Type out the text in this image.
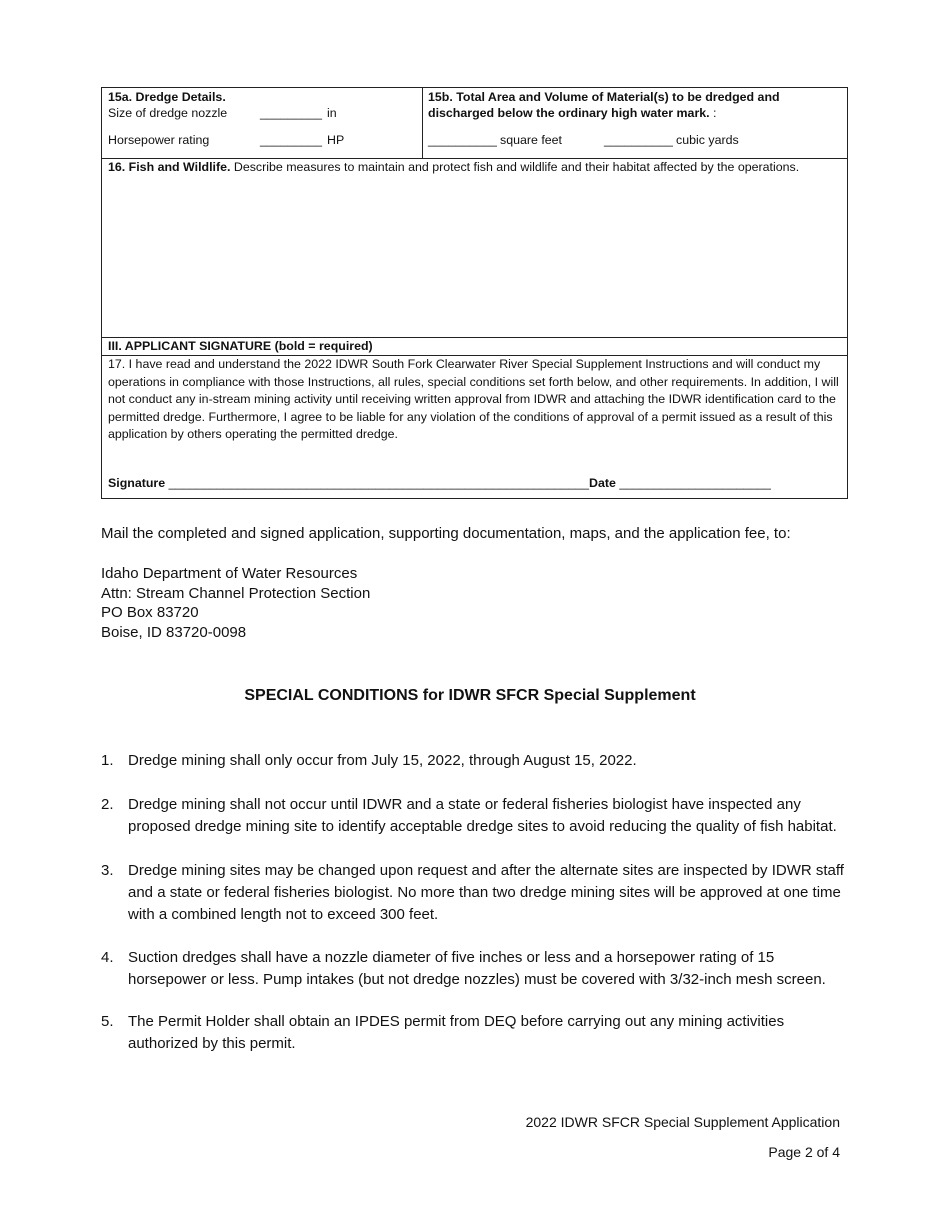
15a. Dredge Details.
Size of dredge nozzle	_________ in
Horsepower rating	_________ HP
15b. Total Area and Volume of Material(s) to be dredged and
discharged below the ordinary high water mark. :
__________ square feet	__________ cubic yards
16. Fish and Wildlife. Describe measures to maintain and protect fish and wildlife and their habitat affected by the operations.
III. APPLICANT SIGNATURE (bold = required)
17. I have read and understand the 2022 IDWR South Fork Clearwater River Special Supplement Instructions and will conduct my operations in compliance with those Instructions, all rules, special conditions set forth below, and other requirements. In addition, I will not conduct any in-stream mining activity until receiving written approval from IDWR and attaching the IDWR identification card to the permitted dredge. Furthermore, I agree to be liable for any violation of the conditions of approval of a permit issued as a result of this application by others operating the permitted dredge.
Signature _____________________________________________________________ Date ______________________
Mail the completed and signed application, supporting documentation, maps, and the application fee, to:
Idaho Department of Water Resources
Attn: Stream Channel Protection Section
PO Box 83720
Boise, ID 83720-0098
SPECIAL CONDITIONS for IDWR SFCR Special Supplement
1. Dredge mining shall only occur from July 15, 2022, through August 15, 2022.
2. Dredge mining shall not occur until IDWR and a state or federal fisheries biologist have inspected any proposed dredge mining site to identify acceptable dredge sites to avoid reducing the quality of fish habitat.
3. Dredge mining sites may be changed upon request and after the alternate sites are inspected by IDWR staff and a state or federal fisheries biologist. No more than two dredge mining sites will be approved at one time with a combined length not to exceed 300 feet.
4. Suction dredges shall have a nozzle diameter of five inches or less and a horsepower rating of 15 horsepower or less. Pump intakes (but not dredge nozzles) must be covered with 3/32-inch mesh screen.
5. The Permit Holder shall obtain an IPDES permit from DEQ before carrying out any mining activities authorized by this permit.
2022 IDWR SFCR Special Supplement Application
Page 2 of 4
